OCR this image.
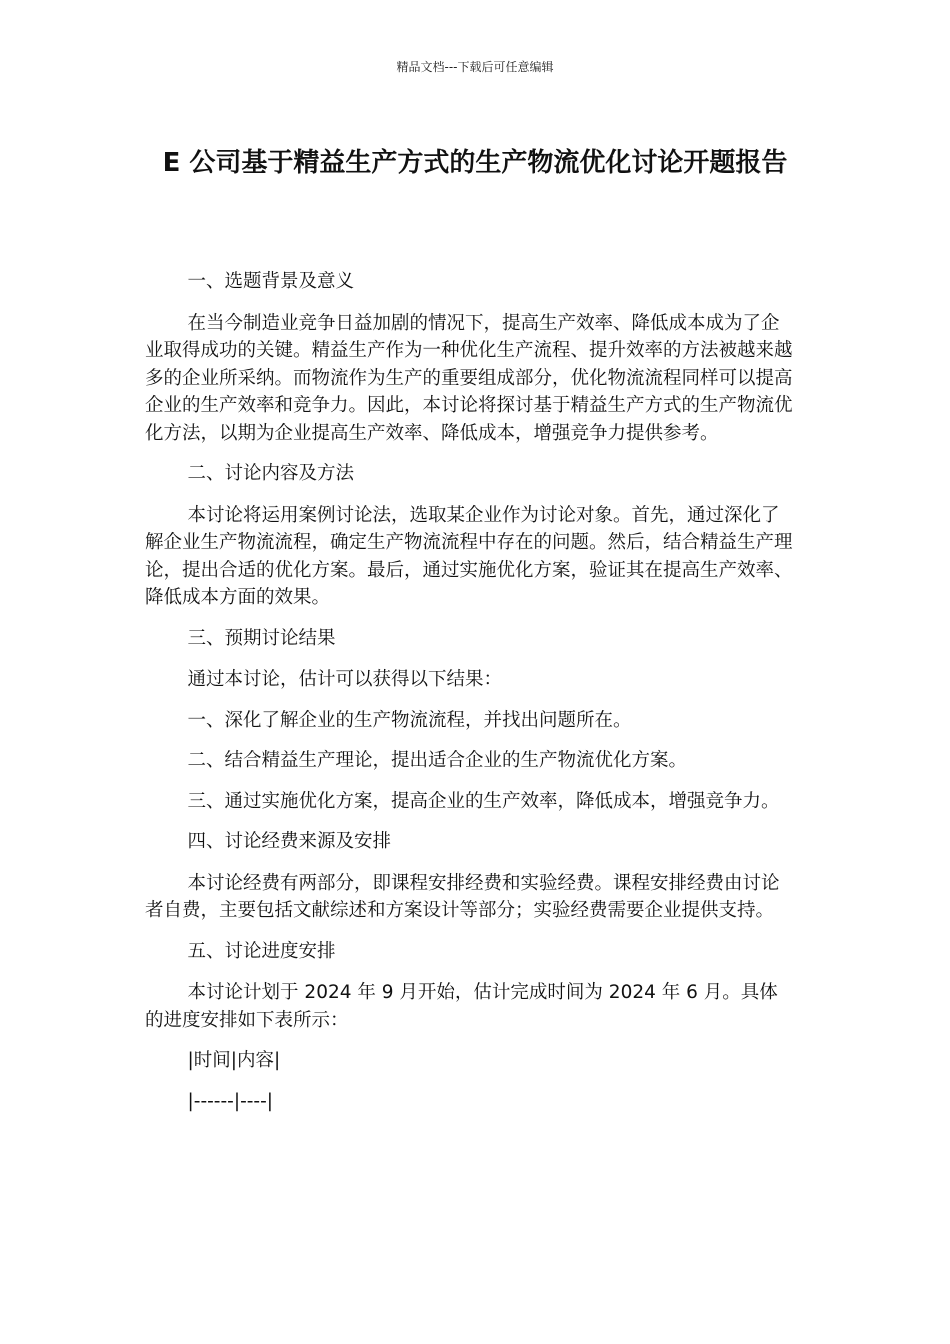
精品文档---下载后可任意编辑
E 公司基于精益生产方式的生产物流优化讨论开题报告

一、选题背景及意义

在当今制造业竞争日益加剧的情况下，提高生产效率、降低成本成为了企业取得成功的关键。精益生产作为一种优化生产流程、提升效率的方法被越来越多的企业所采纳。而物流作为生产的重要组成部分，优化物流流程同样可以提高企业的生产效率和竞争力。因此，本讨论将探讨基于精益生产方式的生产物流优化方法，以期为企业提高生产效率、降低成本，增强竞争力提供参考。

二、讨论内容及方法

本讨论将运用案例讨论法，选取某企业作为讨论对象。首先，通过深化了解企业生产物流流程，确定生产物流流程中存在的问题。然后，结合精益生产理论，提出合适的优化方案。最后，通过实施优化方案，验证其在提高生产效率、降低成本方面的效果。

三、预期讨论结果

通过本讨论，估计可以获得以下结果：

一、深化了解企业的生产物流流程，并找出问题所在。

二、结合精益生产理论，提出适合企业的生产物流优化方案。

三、通过实施优化方案，提高企业的生产效率，降低成本，增强竞争力。

四、讨论经费来源及安排

本讨论经费有两部分，即课程安排经费和实验经费。课程安排经费由讨论者自费，主要包括文献综述和方案设计等部分；实验经费需要企业提供支持。

五、讨论进度安排

本讨论计划于 2024 年 9 月开始，估计完成时间为 2024 年 6 月。具体的进度安排如下表所示：

|时间|内容|

|------|----|
